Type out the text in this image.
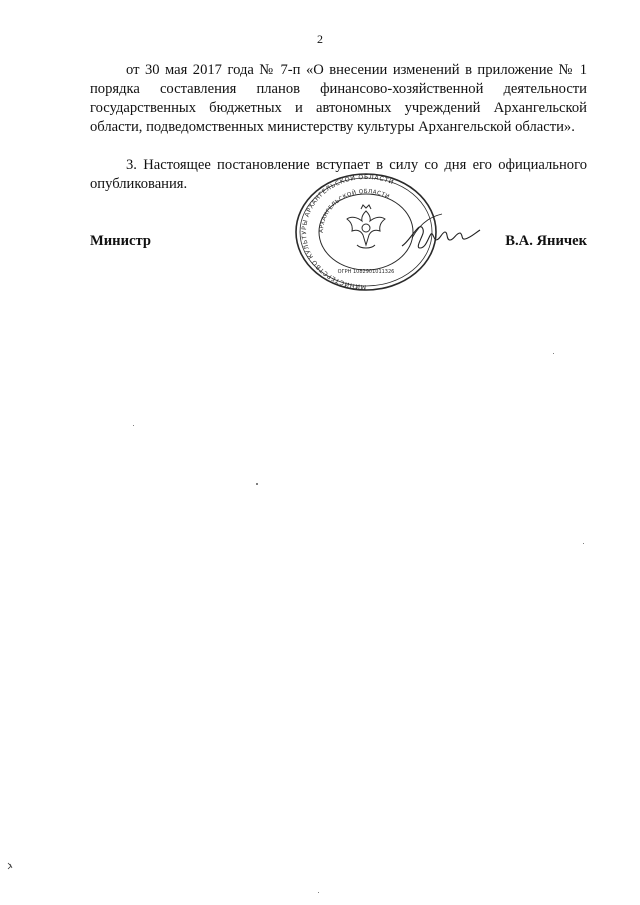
2

от 30 мая 2017 года № 7-п «О внесении изменений в приложение № 1 порядка составления планов финансово-хозяйственной деятельности государственных бюджетных и автономных учреждений Архангельской области, подведомственных министерству культуры Архангельской области».

3. Настоящее постановление вступает в силу со дня его официального опубликования.

Министр	В.А. Яничек
МИНИСТЕРСТВО КУЛЬТУРЫ АРХАНГЕЛЬСКОЙ ОБЛАСТИ
АРХАНГЕЛЬСКОЙ ОБЛАСТИ
ОГРН 1082901011326
